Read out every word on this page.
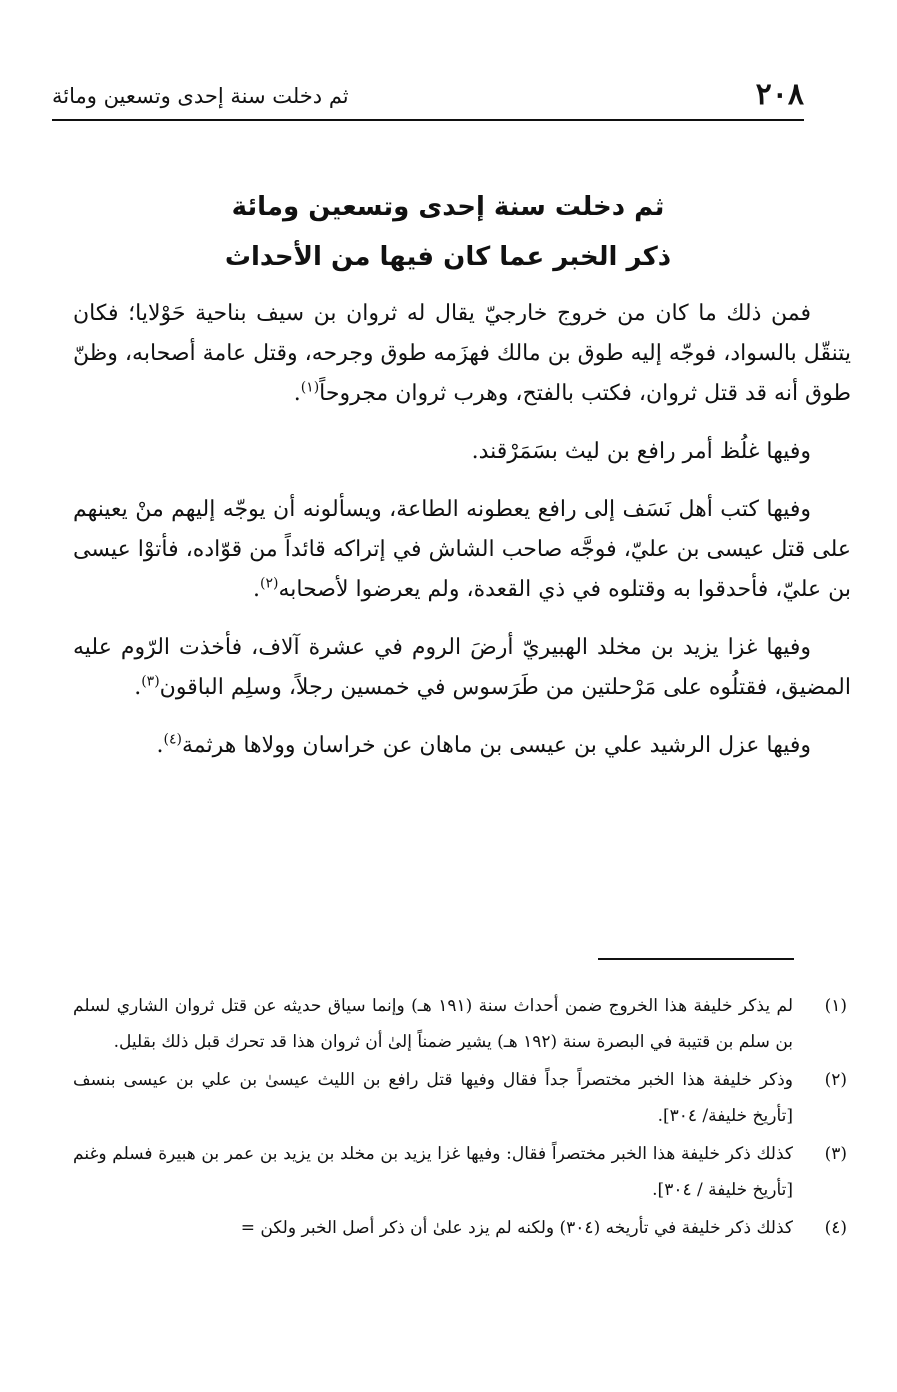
٢٠٨
ثم دخلت سنة إحدى وتسعين ومائة
ثم دخلت سنة إحدى وتسعين ومائة
ذكر الخبر عما كان فيها من الأحداث

فمن ذلك ما كان من خروج خارجيّ يقال له ثروان بن سيف بناحية حَوْلايا؛ فكان يتنقّل بالسواد، فوجّه إليه طوق بن مالك فهزَمه طوق وجرحه، وقتل عامة أصحابه، وظنّ طوق أنه قد قتل ثروان، فكتب بالفتح، وهرب ثروان مجروحاً$^{(١)}$.

وفيها غلُظ أمر رافع بن ليث بسَمَرْقند.

وفيها كتب أهل نَسَف إلى رافع يعطونه الطاعة، ويسألونه أن يوجّه إليهم منْ يعينهم على قتل عيسى بن عليّ، فوجَّه صاحب الشاش في إتراكه قائداً من قوّاده، فأتوْا عيسى بن عليّ، فأحدقوا به وقتلوه في ذي القعدة، ولم يعرضوا لأصحابه$^{(٢)}$.

وفيها غزا يزيد بن مخلد الهبيريّ أرضَ الروم في عشرة آلاف، فأخذت الرّوم عليه المضيق، فقتلُوه على مَرْحلتين من طَرَسوس في خمسين رجلاً، وسلِم الباقون$^{(٣)}$.

وفيها عزل الرشيد علي بن عيسى بن ماهان عن خراسان وولاها هرثمة$^{(٤)}$.

(١)
لم يذكر خليفة هذا الخروج ضمن أحداث سنة (١٩١ هـ) وإنما سياق حديثه عن قتل ثروان الشاري لسلم بن سلم بن قتيبة في البصرة سنة (١٩٢ هـ) يشير ضمناً إلىٰ أن ثروان هذا قد تحرك قبل ذلك بقليل.
(٢)
وذكر خليفة هذا الخبر مختصراً جداً فقال وفيها قتل رافع بن الليث عيسىٰ بن علي بن عيسى بنسف [تأريخ خليفة/ ٣٠٤].
(٣)
كذلك ذكر خليفة هذا الخبر مختصراً فقال: وفيها غزا يزيد بن مخلد بن يزيد بن عمر بن هبيرة فسلم وغنم [تأريخ خليفة / ٣٠٤].
(٤)
كذلك ذكر خليفة في تأريخه (٣٠٤) ولكنه لم يزد علىٰ أن ذكر أصل الخبر ولكن =
